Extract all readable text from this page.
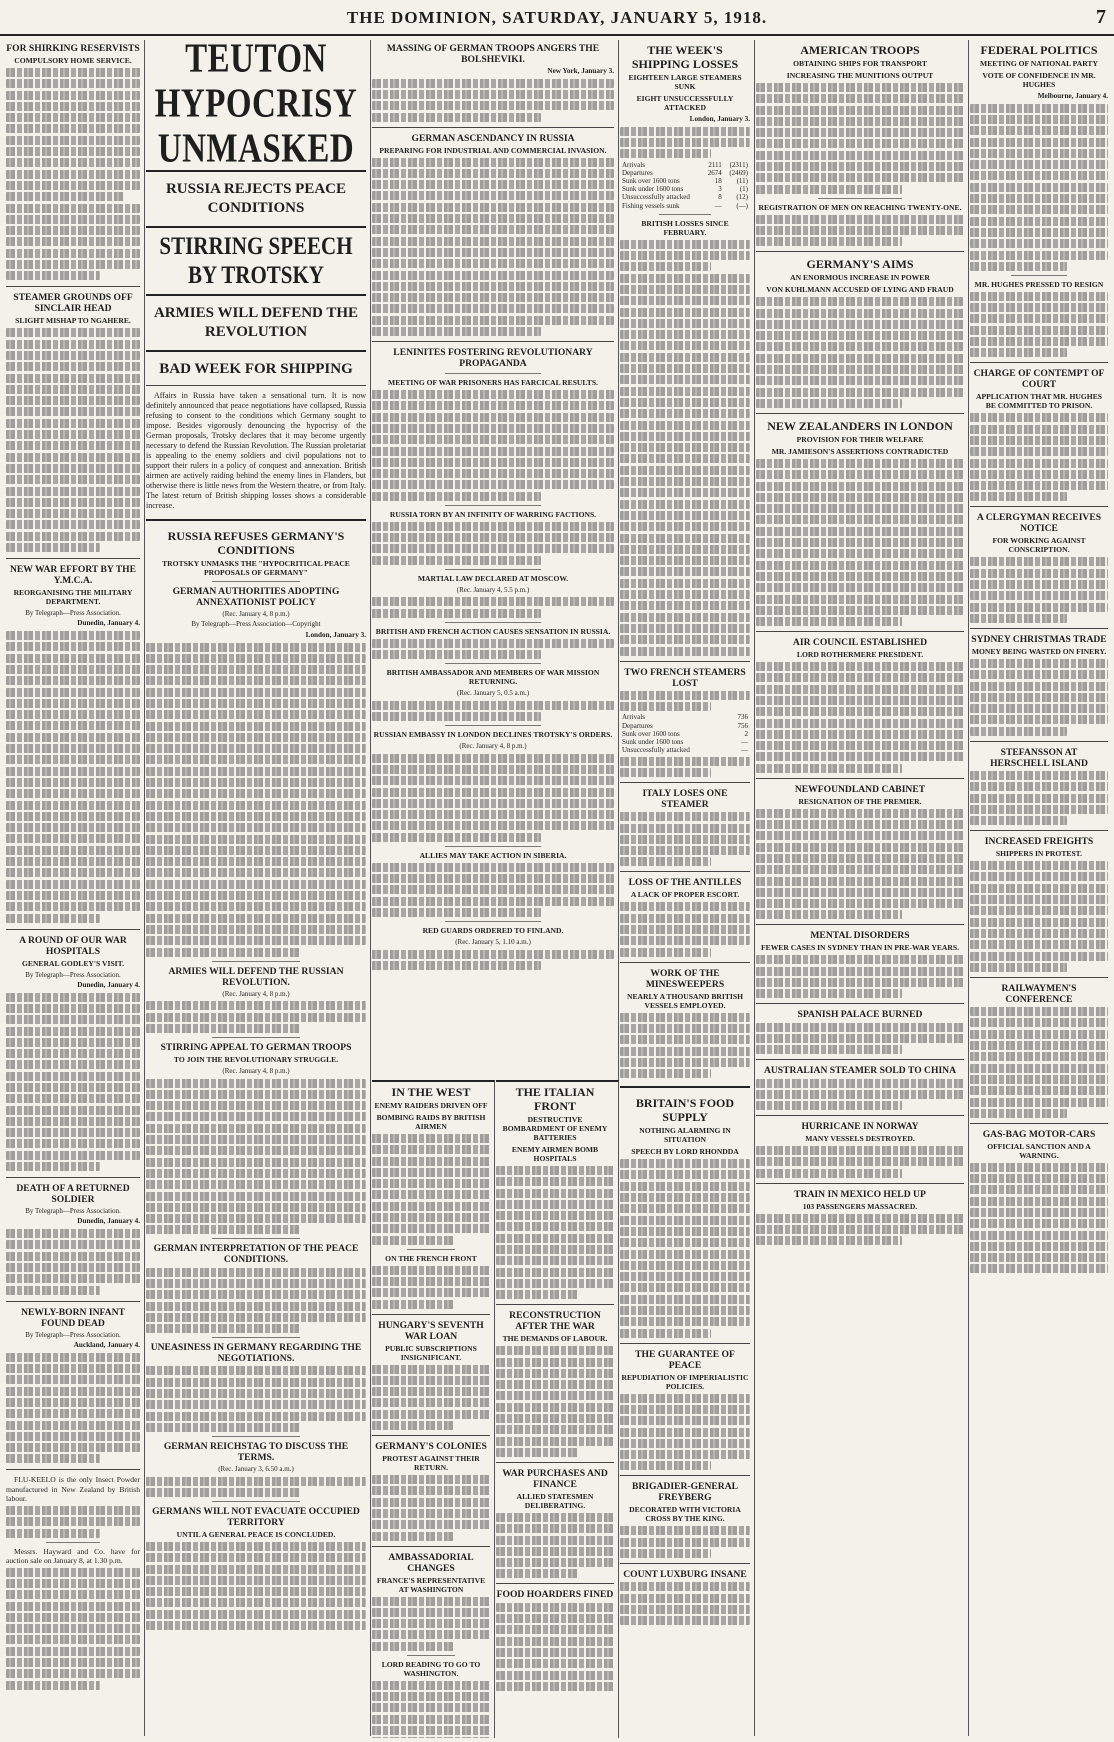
THE DOMINION, SATURDAY, JANUARY 5, 1918.	7
FOR SHIRKING RESERVISTS
COMPULSORY HOME SERVICE.
STEAMER GROUNDS OFF SINCLAIR HEAD
SLIGHT MISHAP TO NGAHERE.
NEW WAR EFFORT BY THE Y.M.C.A.
REORGANISING THE MILITARY DEPARTMENT.
By Telegraph—Press Association.
Dunedin, January 4.
A ROUND OF OUR WAR HOSPITALS
GENERAL GODLEY'S VISIT.
By Telegraph—Press Association.
Dunedin, January 4.
DEATH OF A RETURNED SOLDIER
By Telegraph—Press Association.
Dunedin, January 4.
NEWLY-BORN INFANT FOUND DEAD
By Telegraph—Press Association.
Auckland, January 4.

FLU-KEELO is the only Insect Powder manufactured in New Zealand by British labour.

Messrs. Hayward and Co. have for auction sale on January 8, at 1.30 p.m.

TEUTON HYPOCRISY UNMASKED
RUSSIA REJECTS PEACE CONDITIONS
STIRRING SPEECH BY TROTSKY
ARMIES WILL DEFEND THE REVOLUTION
BAD WEEK FOR SHIPPING

Affairs in Russia have taken a sensational turn. It is now definitely announced that peace negotiations have collapsed, Russia refusing to consent to the conditions which Germany sought to impose. Besides vigorously denouncing the hypocrisy of the German proposals, Trotsky declares that it may become urgently necessary to defend the Russian Revolution. The Russian proletariat is appealing to the enemy soldiers and civil populations not to support their rulers in a policy of conquest and annexation. British airmen are actively raiding behind the enemy lines in Flanders, but otherwise there is little news from the Western theatre, or from Italy. The latest return of British shipping losses shows a considerable increase.

RUSSIA REFUSES GERMANY'S CONDITIONS
TROTSKY UNMASKS THE "HYPOCRITICAL PEACE PROPOSALS OF GERMANY"
GERMAN AUTHORITIES ADOPTING ANNEXATIONIST POLICY
(Rec. January 4, 8 p.m.)
By Telegraph—Press Association—Copyright
London, January 3.
ARMIES WILL DEFEND THE RUSSIAN REVOLUTION.
(Rec. January 4, 8 p.m.)
STIRRING APPEAL TO GERMAN TROOPS
TO JOIN THE REVOLUTIONARY STRUGGLE.
(Rec. January 4, 8 p.m.)
GERMAN INTERPRETATION OF THE PEACE CONDITIONS.
UNEASINESS IN GERMANY REGARDING THE NEGOTIATIONS.
GERMAN REICHSTAG TO DISCUSS THE TERMS.
(Rec. January 3, 6.50 a.m.)
GERMANS WILL NOT EVACUATE OCCUPIED TERRITORY
UNTIL A GENERAL PEACE IS CONCLUDED.
MASSING OF GERMAN TROOPS ANGERS THE BOLSHEVIKI.
New York, January 3.
GERMAN ASCENDANCY IN RUSSIA
PREPARING FOR INDUSTRIAL AND COMMERCIAL INVASION.
LENINITES FOSTERING REVOLUTIONARY PROPAGANDA
MEETING OF WAR PRISONERS HAS FARCICAL RESULTS.
RUSSIA TORN BY AN INFINITY OF WARRING FACTIONS.
MARTIAL LAW DECLARED AT MOSCOW.
(Rec. January 4, 5.5 p.m.)
BRITISH AND FRENCH ACTION CAUSES SENSATION IN RUSSIA.
BRITISH AMBASSADOR AND MEMBERS OF WAR MISSION RETURNING.
(Rec. January 5, 0.5 a.m.)
RUSSIAN EMBASSY IN LONDON DECLINES TROTSKY'S ORDERS.
(Rec. January 4, 8 p.m.)
ALLIES MAY TAKE ACTION IN SIBERIA.
RED GUARDS ORDERED TO FINLAND.
(Rec. January 5, 1.10 a.m.)
IN THE WEST
ENEMY RAIDERS DRIVEN OFF
BOMBING RAIDS BY BRITISH AIRMEN
ON THE FRENCH FRONT
HUNGARY'S SEVENTH WAR LOAN
PUBLIC SUBSCRIPTIONS INSIGNIFICANT.
GERMANY'S COLONIES
PROTEST AGAINST THEIR RETURN.
AMBASSADORIAL CHANGES
FRANCE'S REPRESENTATIVE AT WASHINGTON
LORD READING TO GO TO WASHINGTON.
THE ITALIAN FRONT
DESTRUCTIVE BOMBARDMENT OF ENEMY BATTERIES
ENEMY AIRMEN BOMB HOSPITALS
RECONSTRUCTION AFTER THE WAR
THE DEMANDS OF LABOUR.
WAR PURCHASES AND FINANCE
ALLIED STATESMEN DELIBERATING.
FOOD HOARDERS FINED
THE WEEK'S SHIPPING LOSSES
EIGHTEEN LARGE STEAMERS SUNK
EIGHT UNSUCCESSFULLY ATTACKED
London, January 3.
Arrivals	2111	(2311)
Departures	2674	(2469)
Sunk over 1600 tons	18	(11)
Sunk under 1600 tons	3	(1)
Unsuccessfully attacked	8	(12)
Fishing vessels sunk	—	(—)
BRITISH LOSSES SINCE FEBRUARY.
TWO FRENCH STEAMERS LOST
Arrivals	736
Departures	756
Sunk over 1600 tons	2
Sunk under 1600 tons	—
Unsuccessfully attacked	—
ITALY LOSES ONE STEAMER
LOSS OF THE ANTILLES
A LACK OF PROPER ESCORT.
WORK OF THE MINESWEEPERS
NEARLY A THOUSAND BRITISH VESSELS EMPLOYED.
BRITAIN'S FOOD SUPPLY
NOTHING ALARMING IN SITUATION
SPEECH BY LORD RHONDDA
THE GUARANTEE OF PEACE
REPUDIATION OF IMPERIALISTIC POLICIES.
BRIGADIER-GENERAL FREYBERG
DECORATED WITH VICTORIA CROSS BY THE KING.
COUNT LUXBURG INSANE
AMERICAN TROOPS
OBTAINING SHIPS FOR TRANSPORT
INCREASING THE MUNITIONS OUTPUT
REGISTRATION OF MEN ON REACHING TWENTY-ONE.
GERMANY'S AIMS
AN ENORMOUS INCREASE IN POWER
VON KUHLMANN ACCUSED OF LYING AND FRAUD
NEW ZEALANDERS IN LONDON
PROVISION FOR THEIR WELFARE
MR. JAMIESON'S ASSERTIONS CONTRADICTED
AIR COUNCIL ESTABLISHED
LORD ROTHERMERE PRESIDENT.
NEWFOUNDLAND CABINET
RESIGNATION OF THE PREMIER.
MENTAL DISORDERS
FEWER CASES IN SYDNEY THAN IN PRE-WAR YEARS.
SPANISH PALACE BURNED
AUSTRALIAN STEAMER SOLD TO CHINA
HURRICANE IN NORWAY
MANY VESSELS DESTROYED.
TRAIN IN MEXICO HELD UP
103 PASSENGERS MASSACRED.
FEDERAL POLITICS
MEETING OF NATIONAL PARTY
VOTE OF CONFIDENCE IN MR. HUGHES
Melbourne, January 4.
MR. HUGHES PRESSED TO RESIGN
CHARGE OF CONTEMPT OF COURT
APPLICATION THAT MR. HUGHES BE COMMITTED TO PRISON.
A CLERGYMAN RECEIVES NOTICE
FOR WORKING AGAINST CONSCRIPTION.
SYDNEY CHRISTMAS TRADE
MONEY BEING WASTED ON FINERY.
STEFANSSON AT HERSCHELL ISLAND
INCREASED FREIGHTS
SHIPPERS IN PROTEST.
RAILWAYMEN'S CONFERENCE
GAS-BAG MOTOR-CARS
OFFICIAL SANCTION AND A WARNING.
